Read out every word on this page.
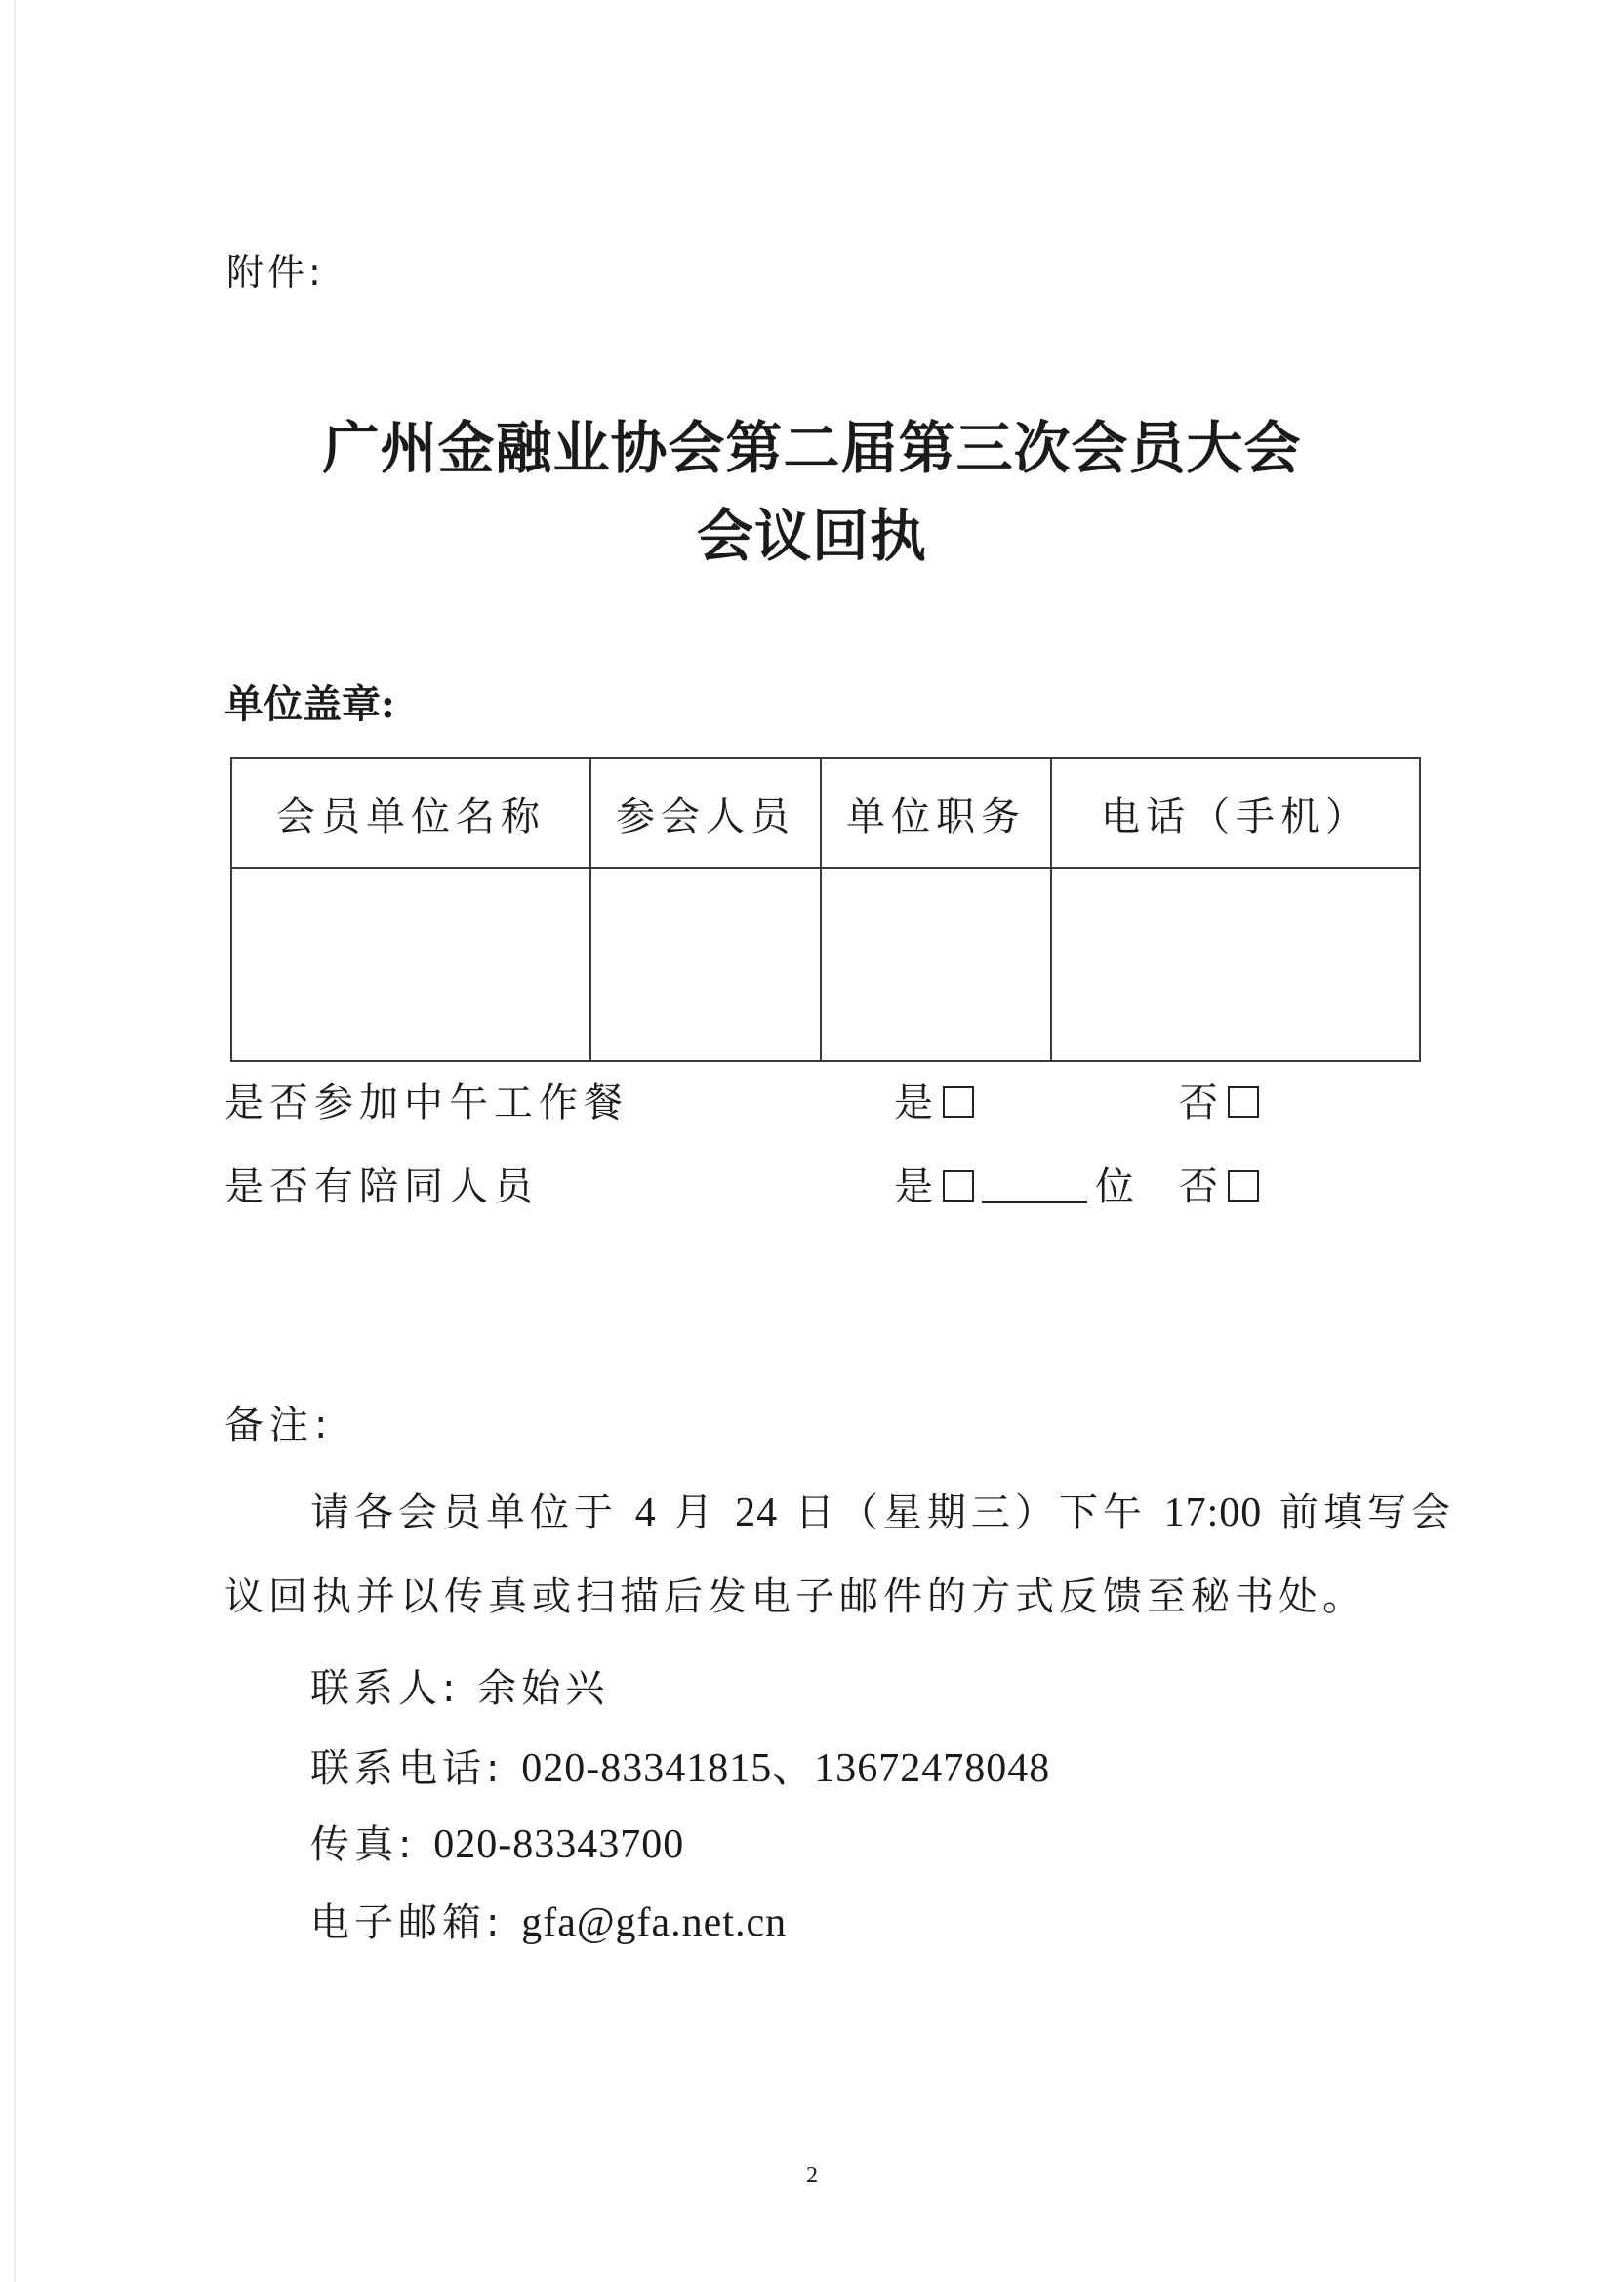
附件:
广州金融业协会第二届第三次会员大会
会议回执
单位盖章:
会员单位名称	参会人员	单位职务	电话（手机）

是否参加中午工作餐	是	否
是否有陪同人员	是	位 否
备注:
请各会员单位于 4 月 24 日（星期三）下午 17:00 前填写会
议回执并以传真或扫描后发电子邮件的方式反馈至秘书处。
联系人: 余始兴
联系电话: 020-83341815、13672478048
传真: 020-83343700
电子邮箱: gfa@gfa.net.cn
2
